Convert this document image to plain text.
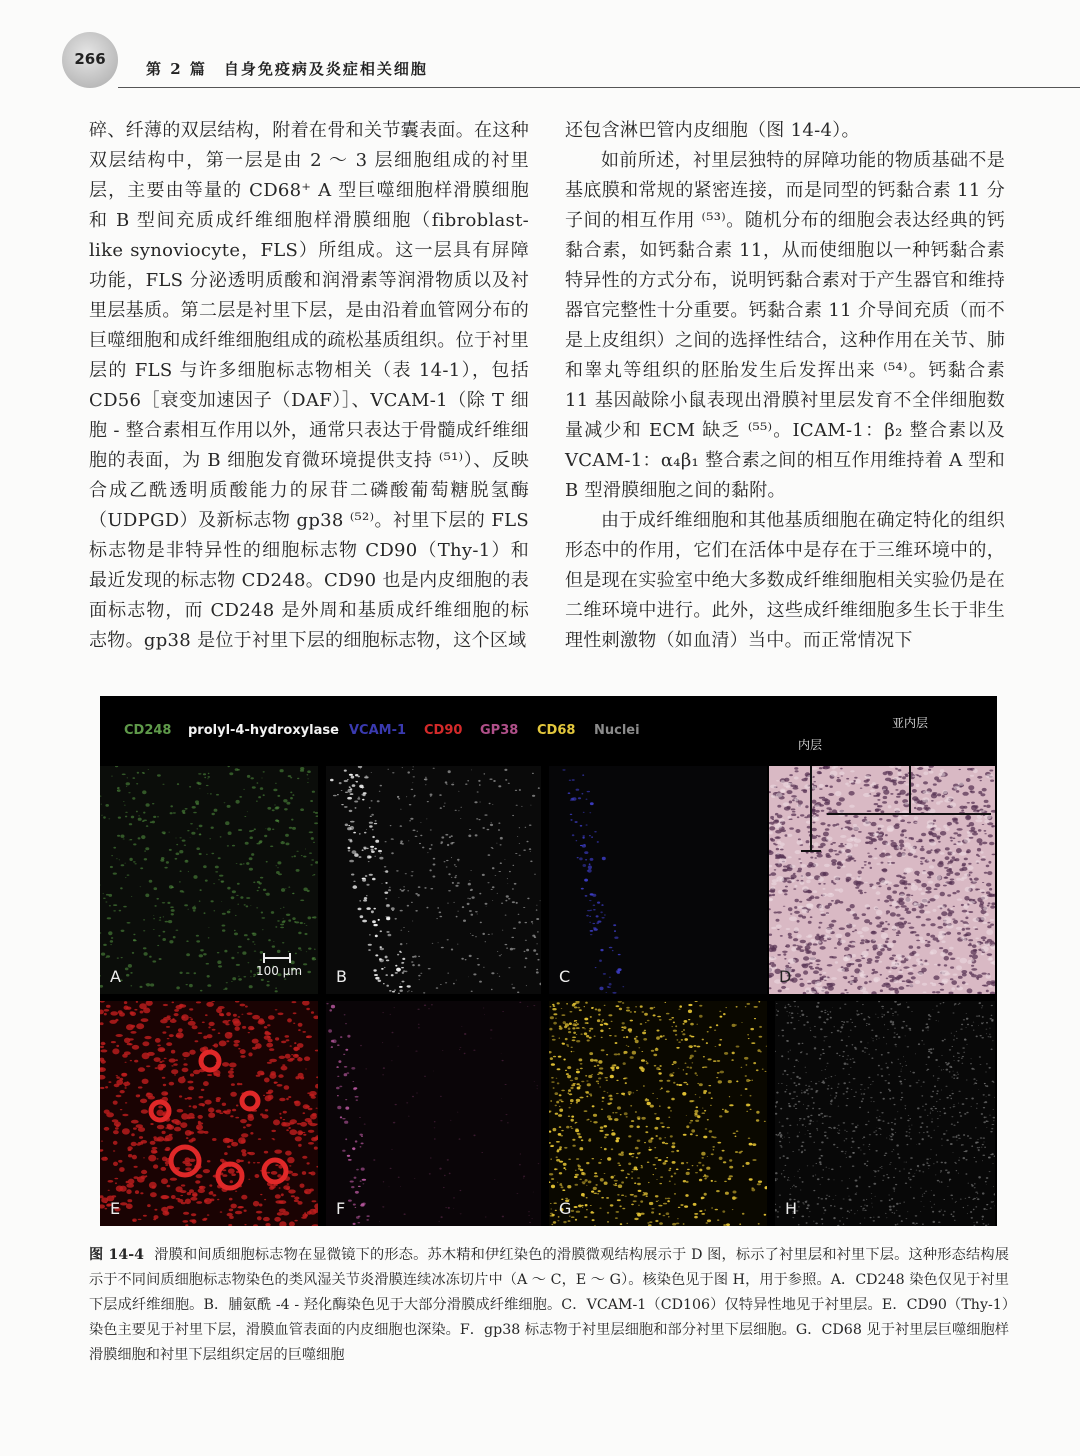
266
第 2 篇　自身免疫病及炎症相关细胞

碎、纤薄的双层结构，附着在骨和关节囊表面。在这种双层结构中，第一层是由 2 ～ 3 层细胞组成的衬里层，主要由等量的 CD68⁺ A 型巨噬细胞样滑膜细胞和 B 型间充质成纤维细胞样滑膜细胞（fibroblast-like synoviocyte，FLS）所组成。这一层具有屏障功能，FLS 分泌透明质酸和润滑素等润滑物质以及衬里层基质。第二层是衬里下层，是由沿着血管网分布的巨噬细胞和成纤维细胞组成的疏松基质组织。位于衬里层的 FLS 与许多细胞标志物相关（表 14-1），包括 CD56［衰变加速因子（DAF）］、VCAM-1（除 T 细胞 - 整合素相互作用以外，通常只表达于骨髓成纤维细胞的表面，为 B 细胞发育微环境提供支持 ⁽⁵¹⁾）、反映合成乙酰透明质酸能力的尿苷二磷酸葡萄糖脱氢酶（UDPGD）及新标志物 gp38 ⁽⁵²⁾。衬里下层的 FLS 标志物是非特异性的细胞标志物 CD90（Thy-1）和最近发现的标志物 CD248。CD90 也是内皮细胞的表面标志物，而 CD248 是外周和基质成纤维细胞的标志物。gp38 是位于衬里下层的细胞标志物，这个区域

还包含淋巴管内皮细胞（图 14-4）。

如前所述，衬里层独特的屏障功能的物质基础不是基底膜和常规的紧密连接，而是同型的钙黏合素 11 分子间的相互作用 ⁽⁵³⁾。随机分布的细胞会表达经典的钙黏合素，如钙黏合素 11，从而使细胞以一种钙黏合素特异性的方式分布，说明钙黏合素对于产生器官和维持器官完整性十分重要。钙黏合素 11 介导间充质（而不是上皮组织）之间的选择性结合，这种作用在关节、肺和睾丸等组织的胚胎发生后发挥出来 ⁽⁵⁴⁾。钙黏合素 11 基因敲除小鼠表现出滑膜衬里层发育不全伴细胞数量减少和 ECM 缺乏 ⁽⁵⁵⁾。ICAM-1：β₂ 整合素以及 VCAM-1：α₄β₁ 整合素之间的相互作用维持着 A 型和 B 型滑膜细胞之间的黏附。

由于成纤维细胞和其他基质细胞在确定特化的组织形态中的作用，它们在活体中是存在于三维环境中的，但是现在实验室中绝大多数成纤维细胞相关实验仍是在二维环境中进行。此外，这些成纤维细胞多生长于非生理性刺激物（如血清）当中。而正常情况下

CD248 prolyl-4-hydroxylase VCAM-1 CD90 GP38 CD68 Nuclei
内层
亚内层
100 μm
A	B	C	D
E	F	G	H
图 14-4 滑膜和间质细胞标志物在显微镜下的形态。苏木精和伊红染色的滑膜微观结构展示于 D 图，标示了衬里层和衬里下层。这种形态结构展示于不同间质细胞标志物染色的类风湿关节炎滑膜连续冰冻切片中（A ～ C，E ～ G）。核染色见于图 H，用于参照。A．CD248 染色仅见于衬里下层成纤维细胞。B．脯氨酰 -4 - 羟化酶染色见于大部分滑膜成纤维细胞。C．VCAM-1（CD106）仅特异性地见于衬里层。E．CD90（Thy-1）染色主要见于衬里下层，滑膜血管表面的内皮细胞也深染。F．gp38 标志物于衬里层细胞和部分衬里下层细胞。G．CD68 见于衬里层巨噬细胞样滑膜细胞和衬里下层组织定居的巨噬细胞
